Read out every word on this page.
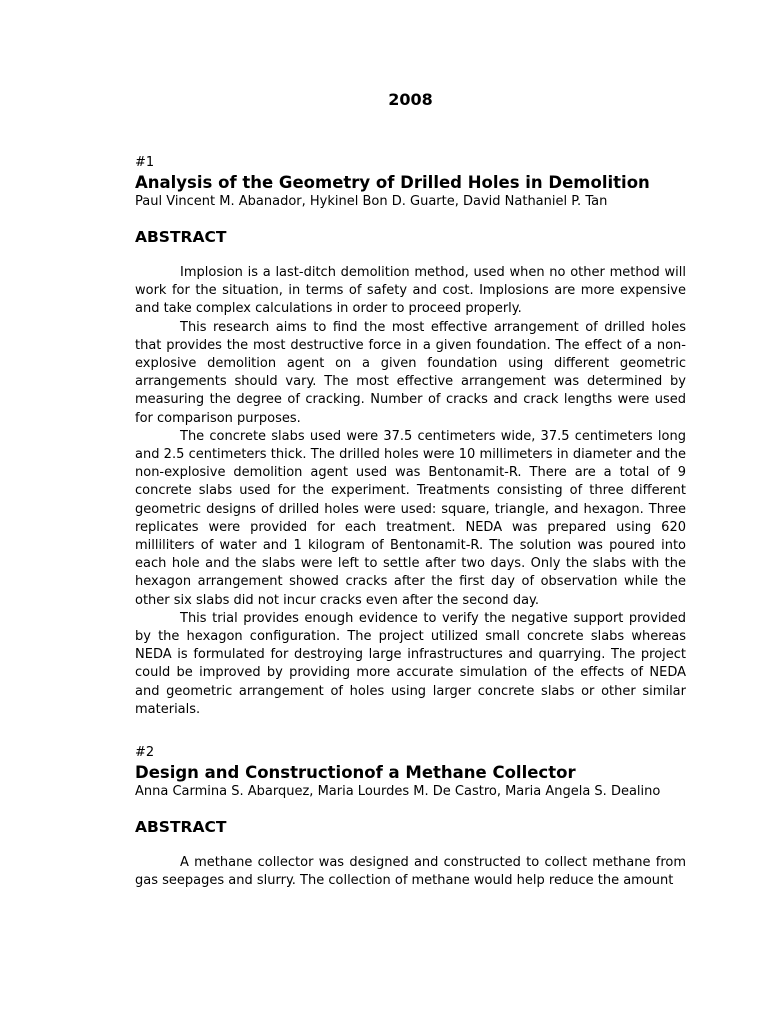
2008
#1
Analysis of the Geometry of Drilled Holes in Demolition
Paul Vincent M. Abanador, Hykinel Bon D. Guarte, David Nathaniel P. Tan
ABSTRACT

Implosion is a last-ditch demolition method, used when no other method will work for the situation, in terms of safety and cost. Implosions are more expensive and take complex calculations in order to proceed properly.

This research aims to find the most effective arrangement of drilled holes that provides the most destructive force in a given foundation. The effect of a non-explosive demolition agent on a given foundation using different geometric arrangements should vary. The most effective arrangement was determined by measuring the degree of cracking. Number of cracks and crack lengths were used for comparison purposes.

The concrete slabs used were 37.5 centimeters wide, 37.5 centimeters long and 2.5 centimeters thick. The drilled holes were 10 millimeters in diameter and the non-explosive demolition agent used was Bentonamit-R. There are a total of 9 concrete slabs used for the experiment. Treatments consisting of three different geometric designs of drilled holes were used: square, triangle, and hexagon. Three replicates were provided for each treatment. NEDA was prepared using 620 milliliters of water and 1 kilogram of Bentonamit-R. The solution was poured into each hole and the slabs were left to settle after two days. Only the slabs with the hexagon arrangement showed cracks after the first day of observation while the other six slabs did not incur cracks even after the second day.

This trial provides enough evidence to verify the negative support provided by the hexagon configuration. The project utilized small concrete slabs whereas NEDA is formulated for destroying large infrastructures and quarrying. The project could be improved by providing more accurate simulation of the effects of NEDA and geometric arrangement of holes using larger concrete slabs or other similar materials.

#2
Design and Constructionof a Methane Collector
Anna Carmina S. Abarquez, Maria Lourdes M. De Castro, Maria Angela S. Dealino
ABSTRACT

A methane collector was designed and constructed to collect methane from gas seepages and slurry. The collection of methane would help reduce the amount
